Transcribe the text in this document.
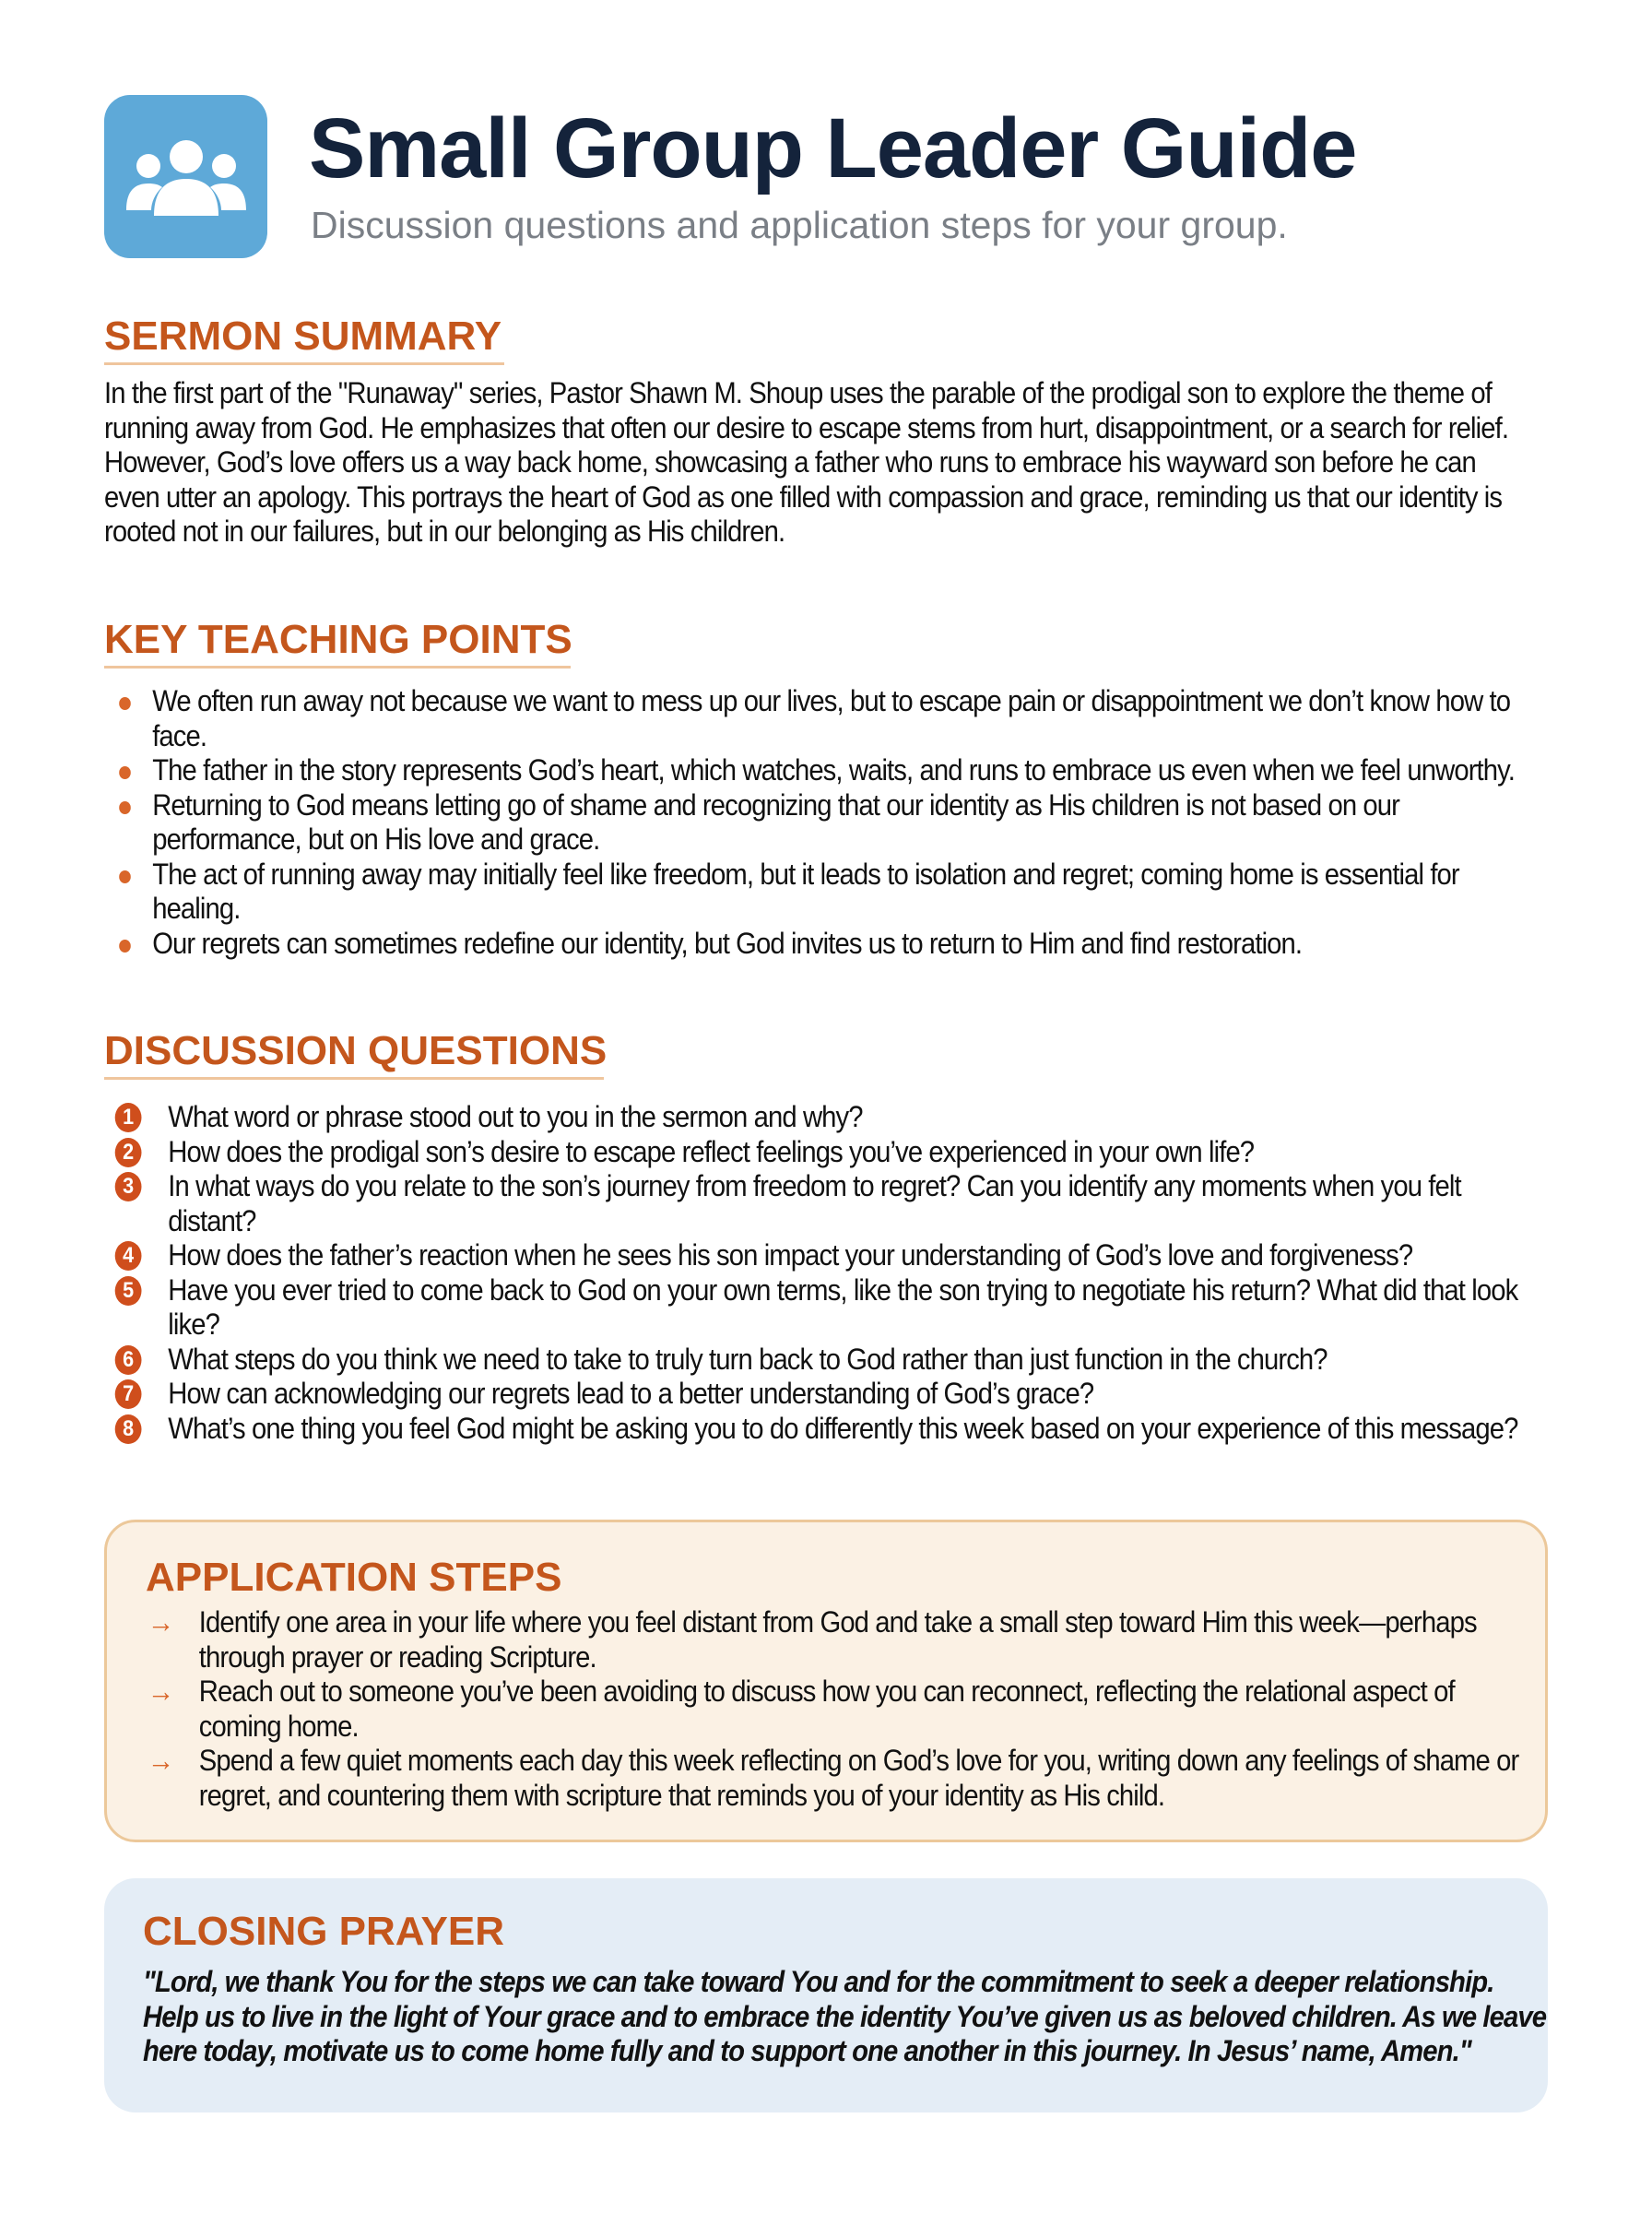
Small Group Leader Guide
Discussion questions and application steps for your group.
SERMON SUMMARY
In the first part of the "Runaway" series, Pastor Shawn M. Shoup uses the parable of the prodigal son to explore the theme of running away from God. He emphasizes that often our desire to escape stems from hurt, disappointment, or a search for relief. However, God’s love offers us a way back home, showcasing a father who runs to embrace his wayward son before he can even utter an apology. This portrays the heart of God as one filled with compassion and grace, reminding us that our identity is rooted not in our failures, but in our belonging as His children.
KEY TEACHING POINTS
We often run away not because we want to mess up our lives, but to escape pain or disappointment we don’t know how to face.
The father in the story represents God’s heart, which watches, waits, and runs to embrace us even when we feel unworthy.
Returning to God means letting go of shame and recognizing that our identity as His children is not based on our performance, but on His love and grace.
The act of running away may initially feel like freedom, but it leads to isolation and regret; coming home is essential for healing.
Our regrets can sometimes redefine our identity, but God invites us to return to Him and find restoration.
DISCUSSION QUESTIONS
1 What word or phrase stood out to you in the sermon and why?
2 How does the prodigal son’s desire to escape reflect feelings you’ve experienced in your own life?
3 In what ways do you relate to the son’s journey from freedom to regret? Can you identify any moments when you felt distant?
4 How does the father’s reaction when he sees his son impact your understanding of God’s love and forgiveness?
5 Have you ever tried to come back to God on your own terms, like the son trying to negotiate his return? What did that look like?
6 What steps do you think we need to take to truly turn back to God rather than just function in the church?
7 How can acknowledging our regrets lead to a better understanding of God’s grace?
8 What’s one thing you feel God might be asking you to do differently this week based on your experience of this message?
APPLICATION STEPS
→ Identify one area in your life where you feel distant from God and take a small step toward Him this week—perhaps through prayer or reading Scripture.
→ Reach out to someone you’ve been avoiding to discuss how you can reconnect, reflecting the relational aspect of coming home.
→ Spend a few quiet moments each day this week reflecting on God’s love for you, writing down any feelings of shame or regret, and countering them with scripture that reminds you of your identity as His child.
CLOSING PRAYER
"Lord, we thank You for the steps we can take toward You and for the commitment to seek a deeper relationship. Help us to live in the light of Your grace and to embrace the identity You’ve given us as beloved children. As we leave here today, motivate us to come home fully and to support one another in this journey. In Jesus’ name, Amen."
